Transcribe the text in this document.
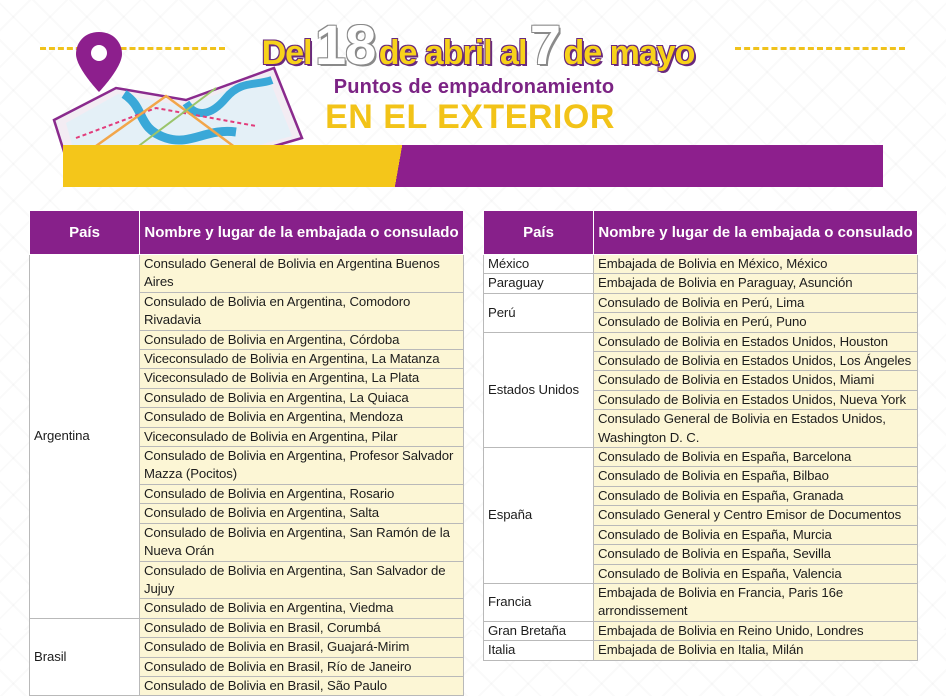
Del 18 de abril al 7 de mayo
Puntos de empadronamiento
EN EL EXTERIOR
País	Nombre y lugar de la embajada o consulado
Argentina	Consulado General de Bolivia en Argentina Buenos Aires
	Consulado de Bolivia en Argentina, Comodoro Rivadavia
	Consulado de Bolivia en Argentina, Córdoba
	Viceconsulado de Bolivia en Argentina, La Matanza
	Viceconsulado de Bolivia en Argentina, La Plata
	Consulado de Bolivia en Argentina, La Quiaca
	Consulado de Bolivia en Argentina, Mendoza
	Viceconsulado de Bolivia en Argentina, Pilar
	Consulado de Bolivia en Argentina, Profesor Salvador Mazza (Pocitos)
	Consulado de Bolivia en Argentina, Rosario
	Consulado de Bolivia en Argentina, Salta
	Consulado de Bolivia en Argentina, San Ramón de la Nueva Orán
	Consulado de Bolivia en Argentina, San Salvador de Jujuy
	Consulado de Bolivia en Argentina, Viedma
Brasil	Consulado de Bolivia en Brasil, Corumbá
	Consulado de Bolivia en Brasil, Guajará-Mirim
	Consulado de Bolivia en Brasil, Río de Janeiro
	Consulado de Bolivia en Brasil, São Paulo
País	Nombre y lugar de la embajada o consulado
México	Embajada de Bolivia en México, México
Paraguay	Embajada de Bolivia en Paraguay, Asunción
Perú	Consulado de Bolivia en Perú, Lima
	Consulado de Bolivia en Perú, Puno
Estados Unidos	Consulado de Bolivia en Estados Unidos, Houston
	Consulado de Bolivia en Estados Unidos, Los Ángeles
	Consulado de Bolivia en Estados Unidos, Miami
	Consulado de Bolivia en Estados Unidos, Nueva York
	Consulado General de Bolivia en Estados Unidos, Washington D. C.
España	Consulado de Bolivia en España, Barcelona
	Consulado de Bolivia en España, Bilbao
	Consulado de Bolivia en España, Granada
	Consulado General y Centro Emisor de Documentos
	Consulado de Bolivia en España, Murcia
	Consulado de Bolivia en España, Sevilla
	Consulado de Bolivia en España, Valencia
Francia	Embajada de Bolivia en Francia, Paris 16e arrondissement
Gran Bretaña	Embajada de Bolivia en Reino Unido, Londres
Italia	Embajada de Bolivia en Italia, Milán
